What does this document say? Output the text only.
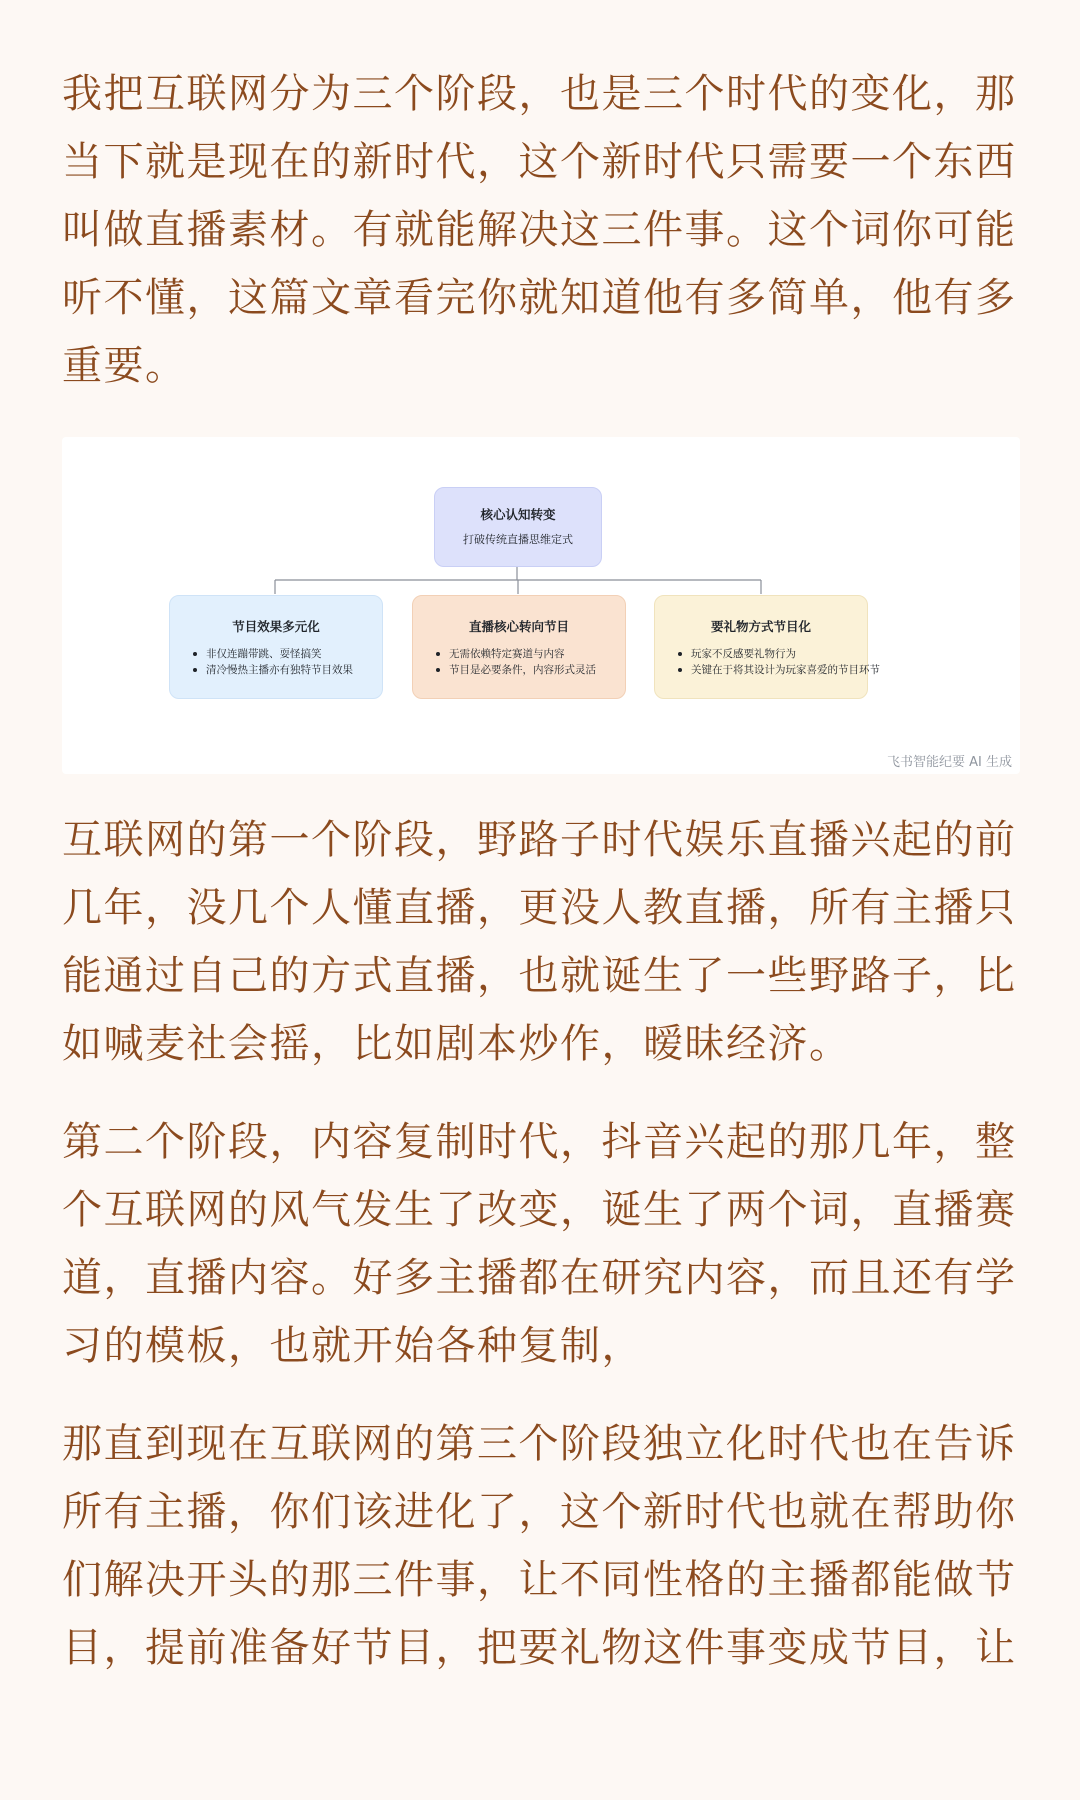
我把互联网分为三个阶段，也是三个时代的变化，那当下就是现在的新时代，这个新时代只需要一个东西叫做直播素材。有就能解决这三件事。这个词你可能听不懂，这篇文章看完你就知道他有多简单，他有多重要。

核心认知转变
打破传统直播思维定式
节目效果多元化
非仅连蹦带跳、耍怪搞笑
清冷慢热主播亦有独特节目效果
直播核心转向节目
无需依赖特定赛道与内容
节目是必要条件，内容形式灵活
要礼物方式节目化
玩家不反感要礼物行为
关键在于将其设计为玩家喜爱的节目环节
飞书智能纪要 AI 生成

互联网的第一个阶段，野路子时代娱乐直播兴起的前几年，没几个人懂直播，更没人教直播，所有主播只能通过自己的方式直播，也就诞生了一些野路子，比如喊麦社会摇，比如剧本炒作，暧昧经济。

第二个阶段，内容复制时代，抖音兴起的那几年，整个互联网的风气发生了改变，诞生了两个词，直播赛道，直播内容。好多主播都在研究内容，而且还有学习的模板，也就开始各种复制，

那直到现在互联网的第三个阶段独立化时代也在告诉所有主播，你们该进化了，这个新时代也就在帮助你们解决开头的那三件事，让不同性格的主播都能做节目，提前准备好节目，把要礼物这件事变成节目，让
